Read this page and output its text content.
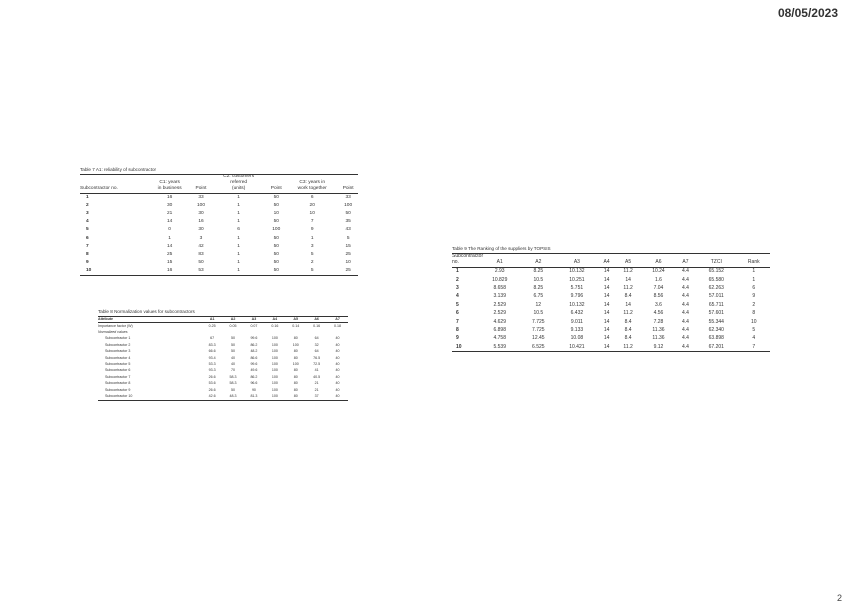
08/05/2023
Table 7 A1: reliability of subcontractor
			C2: customers			
	C1: years		referred		C3: years in	
Subcontractor no.	in business	Point	(units)	Point	work together	Point
1	16	33	1	50	6	33
2	30	100	1	50	20	100
3	21	30	1	10	10	50
4	14	16	1	50	7	35
5	0	30	6	100	9	43
6	1	3	1	50	1	5
7	14	42	1	50	3	15
8	25	83	1	50	5	25
9	15	50	1	50	2	10
10	16	53	1	50	5	25
Table 8 Normalization values for subcontractors
Attribute	A1	A2	A3	A4	A5	A6	A7
Importance factor (W)	0.25	0.05	0.07	0.16	0.14	0.16	0.18
Normalized values							
Subcontractor 1	67	50	99.6	100	80	64	40
Subcontractor 2	83.3	50	86.2	100	100	32	40
Subcontractor 3	66.6	50	48.2	100	80	64	40
Subcontractor 4	93.4	40	86.6	100	80	76.5	40
Subcontractor 5	53.3	40	99.6	100	100	72.5	40
Subcontractor 6	93.3	70	49.6	100	80	41	40
Subcontractor 7	26.6	58.3	86.2	100	80	40.5	40
Subcontractor 8	53.6	58.3	96.6	100	80	21	40
Subcontractor 9	26.6	50	90	100	80	21	40
Subcontractor 10	42.6	48.3	81.3	100	80	37	40
Table 9 The Ranking of the suppliers by TOPSIS
Subcontractor									
no.	A1	A2	A3	A4	A5	A6	A7	TZCI	Rank
1	2.93	8.25	10.132	14	11.2	10.24	4.4	65.152	1
2	10.829	10.5	10.251	14	14	1.6	4.4	65.580	1
3	8.658	8.25	5.751	14	11.2	7.04	4.4	62.263	6
4	3.139	6.75	9.796	14	8.4	8.56	4.4	57.011	9
5	2.529	12	10.132	14	14	3.6	4.4	65.711	2
6	2.529	10.5	6.432	14	11.2	4.56	4.4	57.601	8
7	4.629	7.725	9.011	14	8.4	7.28	4.4	55.344	10
8	6.898	7.725	9.133	14	8.4	11.36	4.4	62.340	5
9	4.758	12.45	10.08	14	8.4	11.36	4.4	63.898	4
10	5.539	6.525	10.421	14	11.2	9.12	4.4	67.201	7
2
